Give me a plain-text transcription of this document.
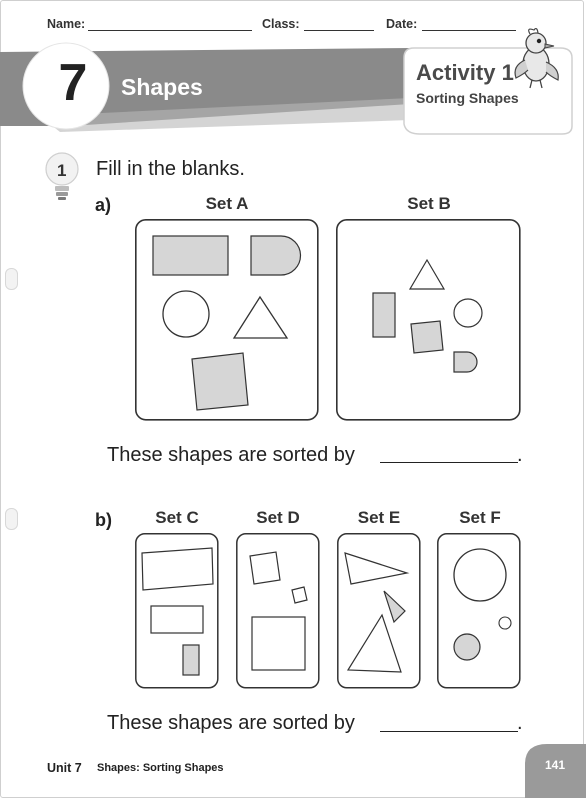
Name:	Class:	Date:
7	Shapes
Activity 1
Sorting Shapes
1 Fill in the blanks.
a)	Set A	Set B
These shapes are sorted by	.
b)	Set C	Set D	Set E	Set F
These shapes are sorted by	.
Unit 7 Shapes: Sorting Shapes	141
